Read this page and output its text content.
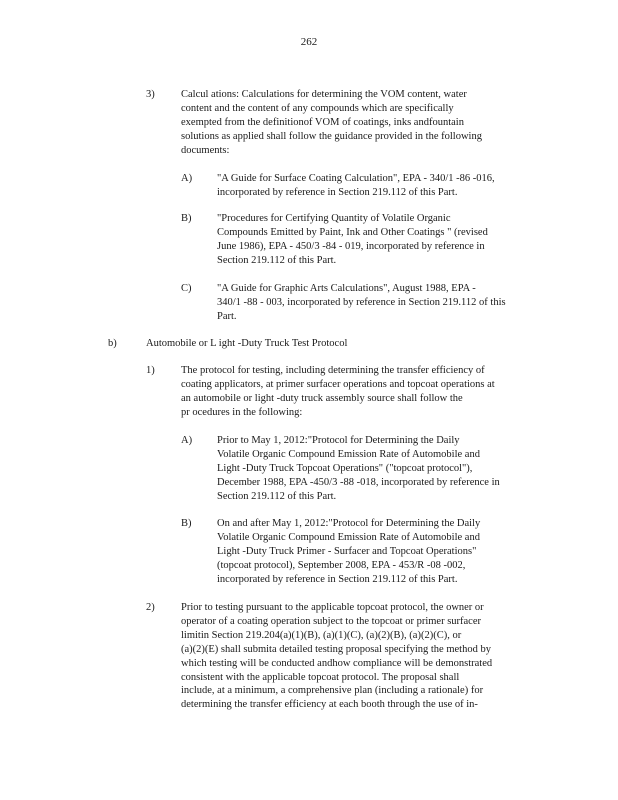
262
3)	Calcul ations: Calculations for determining the VOM content, water
content and the content of any compounds which are specifically
exempted from the definitionof VOM of coatings, inks andfountain
solutions as applied shall follow the guidance provided in the following
documents:
A) "A Guide for Surface Coating Calculation", EPA - 340/1 -86 -016,
incorporated by reference in Section 219.112 of this Part.
B) "Procedures for Certifying Quantity of Volatile Organic
Compounds Emitted by Paint, Ink and Other Coatings " (revised
June 1986), EPA - 450/3 -84 - 019, incorporated by reference in
Section 219.112 of this Part.
C) "A Guide for Graphic Arts Calculations", August 1988, EPA -
340/1 -88 - 003, incorporated by reference in Section 219.112 of this
Part.
b)	Automobile or L ight -Duty Truck Test Protocol
1)	The protocol for testing, including determining the transfer efficiency of
coating applicators, at primer surfacer operations and topcoat operations at
an automobile or light -duty truck assembly source shall follow the
pr ocedures in the following:
A) Prior to May 1, 2012:"Protocol for Determining the Daily
Volatile Organic Compound Emission Rate of Automobile and
Light -Duty Truck Topcoat Operations" ("topcoat protocol"),
December 1988, EPA -450/3 -88 -018, incorporated by reference in
Section 219.112 of this Part.
B) On and after May 1, 2012:"Protocol for Determining the Daily
Volatile Organic Compound Emission Rate of Automobile and
Light -Duty Truck Primer - Surfacer and Topcoat Operations"
(topcoat protocol), September 2008, EPA - 453/R -08 -002,
incorporated by reference in Section 219.112 of this Part.
2)	Prior to testing pursuant to the applicable topcoat protocol, the owner or
operator of a coating operation subject to the topcoat or primer surfacer
limitin Section 219.204(a)(1)(B), (a)(1)(C), (a)(2)(B), (a)(2)(C), or
(a)(2)(E) shall submita detailed testing proposal specifying the method by
which testing will be conducted andhow compliance will be demonstrated
consistent with the applicable topcoat protocol. The proposal shall
include, at a minimum, a comprehensive plan (including a rationale) for
determining the transfer efficiency at each booth through the use of in-
